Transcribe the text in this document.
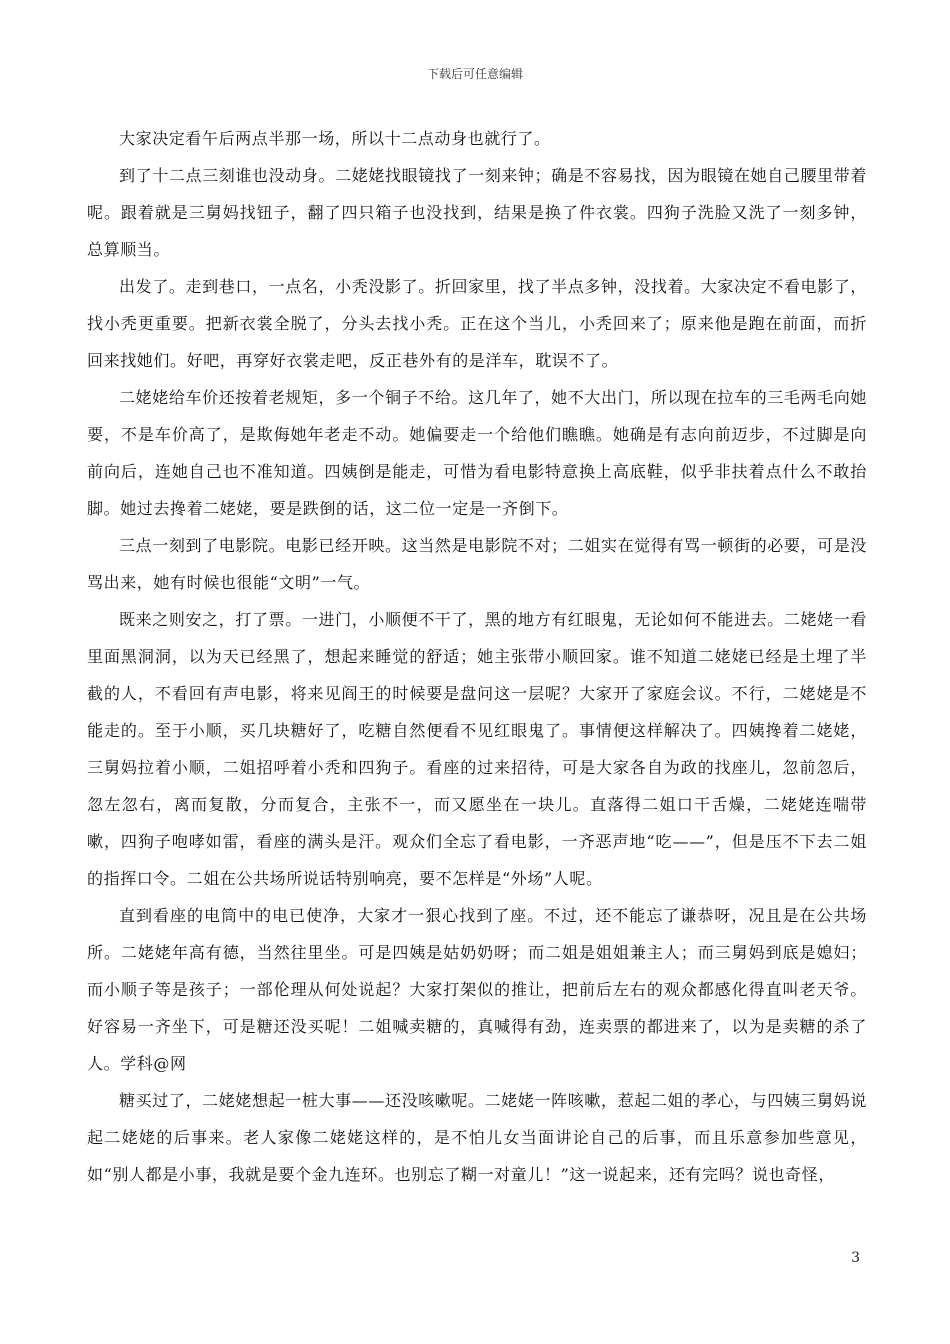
下载后可任意编辑

大家决定看午后两点半那一场，所以十二点动身也就行了。

到了十二点三刻谁也没动身。二姥姥找眼镜找了一刻来钟；确是不容易找，因为眼镜在她自己腰里带着呢。跟着就是三舅妈找钮子，翻了四只箱子也没找到，结果是换了件衣裳。四狗子洗脸又洗了一刻多钟，总算顺当。

出发了。走到巷口，一点名，小秃没影了。折回家里，找了半点多钟，没找着。大家决定不看电影了，找小秃更重要。把新衣裳全脱了，分头去找小秃。正在这个当儿，小秃回来了；原来他是跑在前面，而折回来找她们。好吧，再穿好衣裳走吧，反正巷外有的是洋车，耽误不了。

二姥姥给车价还按着老规矩，多一个铜子不给。这几年了，她不大出门，所以现在拉车的三毛两毛向她要，不是车价高了，是欺侮她年老走不动。她偏要走一个给他们瞧瞧。她确是有志向前迈步，不过脚是向前向后，连她自己也不准知道。四姨倒是能走，可惜为看电影特意换上高底鞋，似乎非扶着点什么不敢抬脚。她过去搀着二姥姥，要是跌倒的话，这二位一定是一齐倒下。

三点一刻到了电影院。电影已经开映。这当然是电影院不对；二姐实在觉得有骂一顿街的必要，可是没骂出来，她有时候也很能“文明”一气。

既来之则安之，打了票。一进门，小顺便不干了，黑的地方有红眼鬼，无论如何不能进去。二姥姥一看里面黑洞洞，以为天已经黑了，想起来睡觉的舒适；她主张带小顺回家。谁不知道二姥姥已经是土埋了半截的人，不看回有声电影，将来见阎王的时候要是盘问这一层呢？大家开了家庭会议。不行，二姥姥是不能走的。至于小顺，买几块糖好了，吃糖自然便看不见红眼鬼了。事情便这样解决了。四姨搀着二姥姥，三舅妈拉着小顺，二姐招呼着小秃和四狗子。看座的过来招待，可是大家各自为政的找座儿，忽前忽后，忽左忽右，离而复散，分而复合，主张不一，而又愿坐在一块儿。直落得二姐口干舌燥，二姥姥连喘带嗽，四狗子咆哮如雷，看座的满头是汗。观众们全忘了看电影，一齐恶声地“吃——”，但是压不下去二姐的指挥口令。二姐在公共场所说话特别响亮，要不怎样是“外场”人呢。

直到看座的电筒中的电已使净，大家才一狠心找到了座。不过，还不能忘了谦恭呀，况且是在公共场所。二姥姥年高有德，当然往里坐。可是四姨是姑奶奶呀；而二姐是姐姐兼主人；而三舅妈到底是媳妇；而小顺子等是孩子；一部伦理从何处说起？大家打架似的推让，把前后左右的观众都感化得直叫老天爷。好容易一齐坐下，可是糖还没买呢！二姐喊卖糖的，真喊得有劲，连卖票的都进来了，以为是卖糖的杀了人。学科@网

糖买过了，二姥姥想起一桩大事——还没咳嗽呢。二姥姥一阵咳嗽，惹起二姐的孝心，与四姨三舅妈说起二姥姥的后事来。老人家像二姥姥这样的，是不怕儿女当面讲论自己的后事，而且乐意参加些意见，如“别人都是小事，我就是要个金九连环。也别忘了糊一对童儿！”这一说起来，还有完吗？说也奇怪，

3
